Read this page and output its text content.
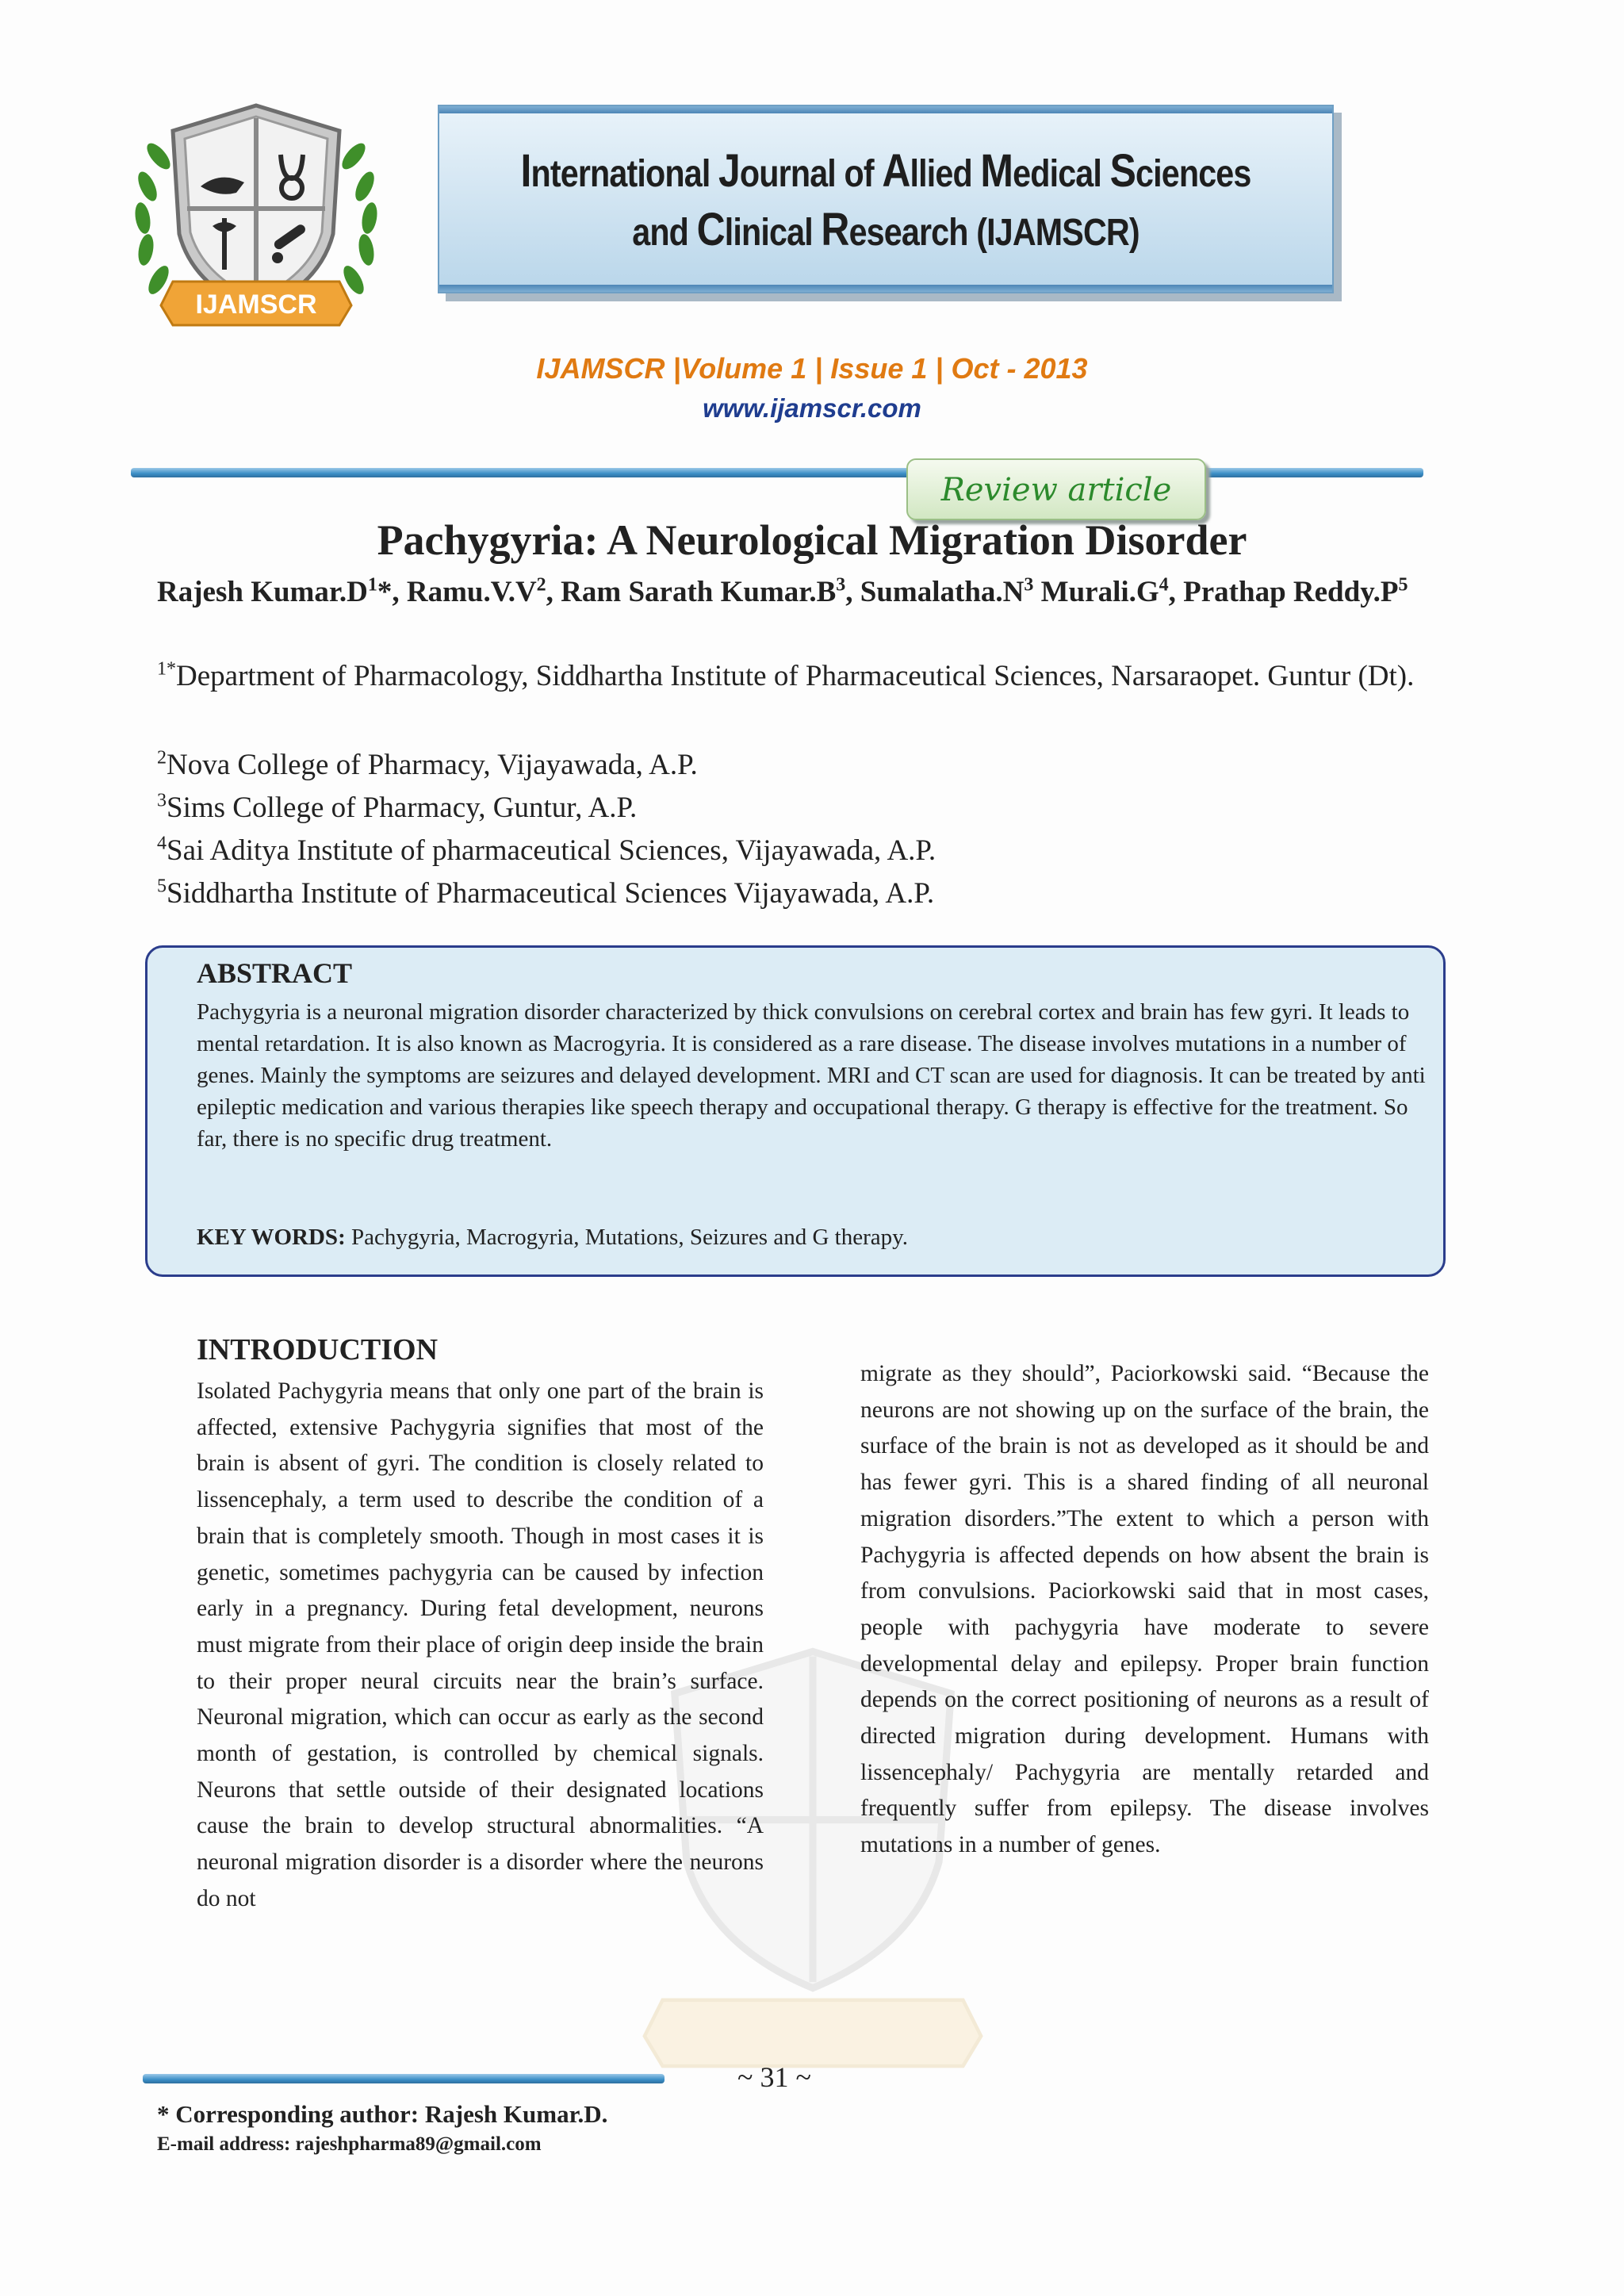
IJAMSCR
International Journal of Allied Medical Sciences
and Clinical Research (IJAMSCR)
IJAMSCR |Volume 1 | Issue 1 | Oct - 2013
www.ijamscr.com
Review article
Pachygyria: A Neurological Migration Disorder
Rajesh $Kumar.D^1*$, $Ramu.V.V^2$, Ram Sarath $Kumar.B^3$, $Sumalatha.N^3$ $Murali.G^4$, Prathap $Reddy.P^5$
$^{1*}$Department of Pharmacology, Siddhartha Institute of Pharmaceutical Sciences, Narsaraopet. Guntur (Dt).
$^2$Nova College of Pharmacy, Vijayawada, A.P.
$^3$Sims College of Pharmacy, Guntur, A.P.
$^4$Sai Aditya Institute of pharmaceutical Sciences, Vijayawada, A.P.
$^5$Siddhartha Institute of Pharmaceutical Sciences Vijayawada, A.P.
ABSTRACT
Pachygyria is a neuronal migration disorder characterized by thick convulsions on cerebral cortex and brain has few gyri. It leads to mental retardation. It is also known as Macrogyria. It is considered as a rare disease. The disease involves mutations in a number of genes. Mainly the symptoms are seizures and delayed development. MRI and CT scan are used for diagnosis. It can be treated by anti epileptic medication and various therapies like speech therapy and occupational therapy. G therapy is effective for the treatment. So far, there is no specific drug treatment.
KEY WORDS: Pachygyria, Macrogyria, Mutations, Seizures and G therapy.
INTRODUCTION
Isolated Pachygyria means that only one part of the brain is affected, extensive Pachygyria signifies that most of the brain is absent of gyri. The condition is closely related to lissencephaly, a term used to describe the condition of a brain that is completely smooth. Though in most cases it is genetic, sometimes pachygyria can be caused by infection early in a pregnancy. During fetal development, neurons must migrate from their place of origin deep inside the brain to their proper neural circuits near the brain’s surface. Neuronal migration, which can occur as early as the second month of gestation, is controlled by chemical signals. Neurons that settle outside of their designated locations cause the brain to develop structural abnormalities. “A neuronal migration disorder is a disorder where the neurons do not
migrate as they should”, Paciorkowski said. “Because the neurons are not showing up on the surface of the brain, the surface of the brain is not as developed as it should be and has fewer gyri. This is a shared finding of all neuronal migration disorders.”The extent to which a person with Pachygyria is affected depends on how absent the brain is from convulsions. Paciorkowski said that in most cases, people with pachygyria have moderate to severe developmental delay and epilepsy. Proper brain function depends on the correct positioning of neurons as a result of directed migration during development. Humans with lissencephaly/ Pachygyria are mentally retarded and frequently suffer from epilepsy. The disease involves mutations in a number of genes.
~ 31 ~
* Corresponding author: Rajesh Kumar.D.
E-mail address: rajeshpharma89@gmail.com
